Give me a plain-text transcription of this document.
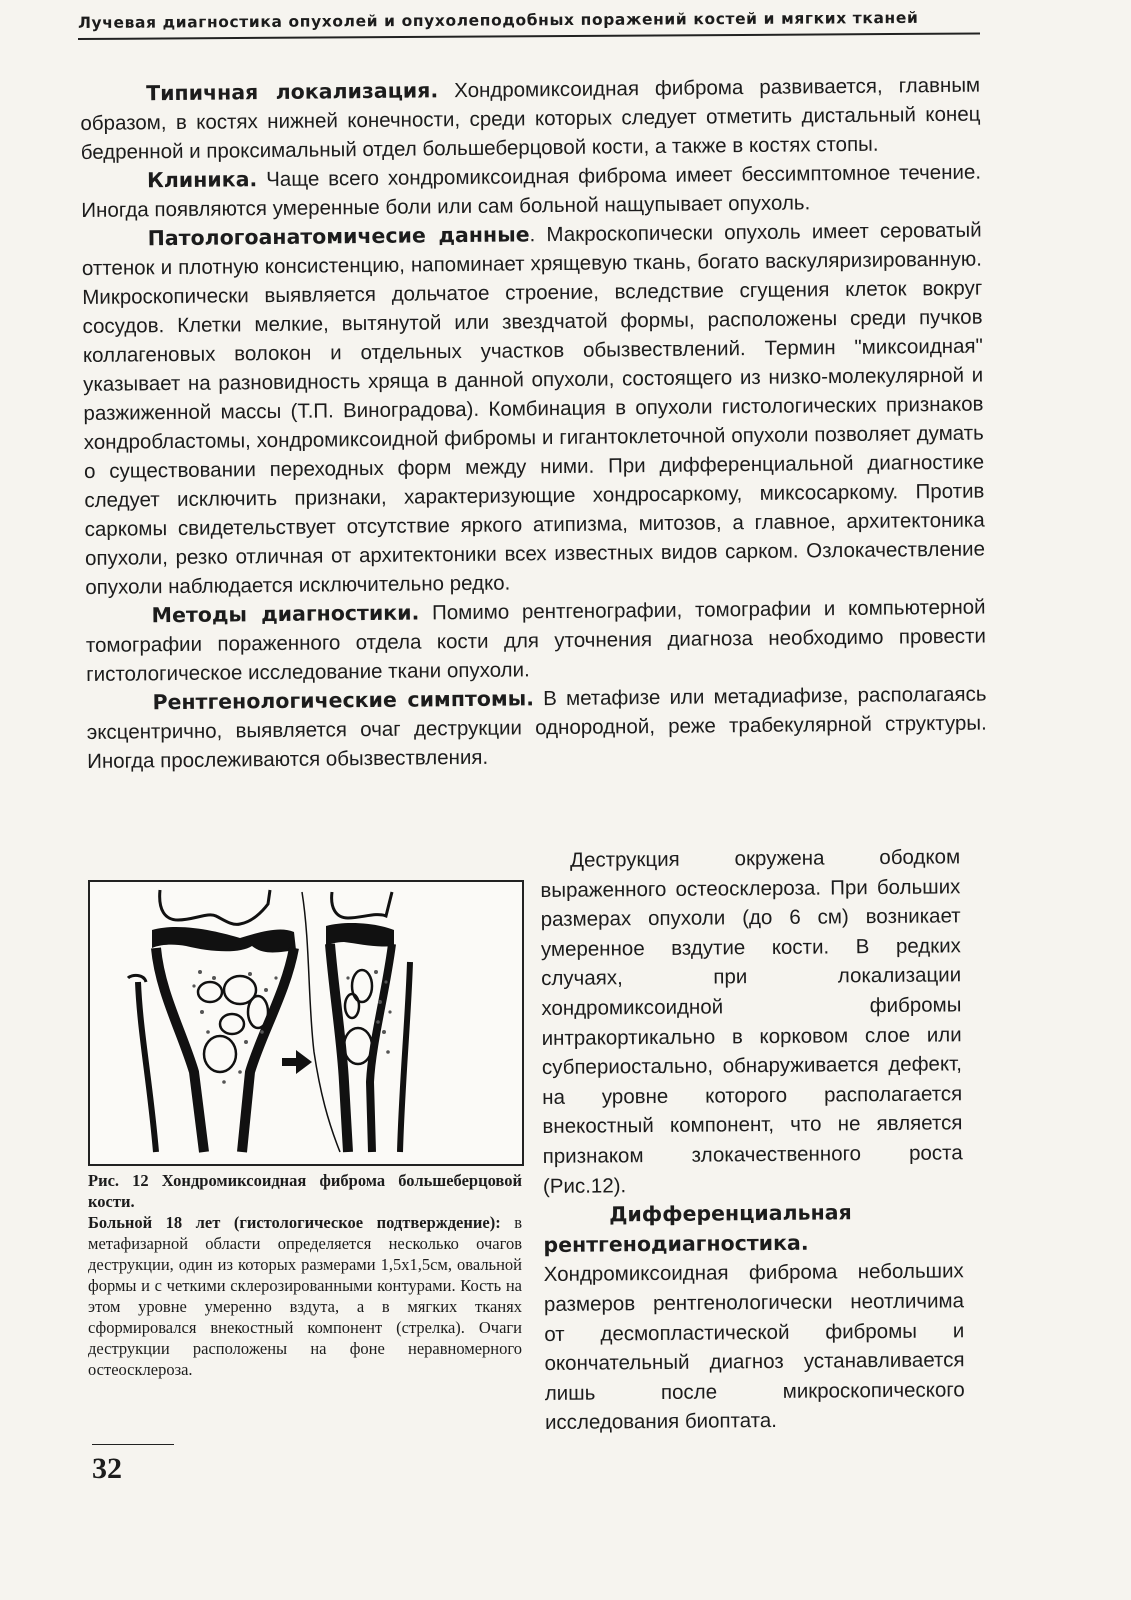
Лучевая диагностика опухолей и опухолеподобных поражений костей и мягких тканей

Типичная локализация. Хондромиксоидная фиброма развивается, главным образом, в костях нижней конечности, среди которых следует отметить дистальный конец бедренной и проксимальный отдел большеберцовой кости, а также в костях стопы.

Клиника. Чаще всего хондромиксоидная фиброма имеет бессимптомное течение. Иногда появляются умеренные боли или сам больной нащупывает опухоль.

Патологоанатомичесие данные. Макроскопически опухоль имеет сероватый оттенок и плотную консистенцию, напоминает хрящевую ткань, богато васкуляризированную. Микроскопически выявляется дольчатое строение, вследствие сгущения клеток вокруг сосудов. Клетки мелкие, вытянутой или звездчатой формы, расположены среди пучков коллагеновых волокон и отдельных участков обызвествлений. Термин "миксоидная" указывает на разновидность хряща в данной опухоли, состоящего из низко-молекулярной и разжиженной массы (Т.П. Виноградова). Комбинация в опухоли гистологических признаков хондробластомы, хондромиксоидной фибромы и гигантоклеточной опухоли позволяет думать о существовании переходных форм между ними. При дифференциальной диагностике следует исключить признаки, характеризующие хондросаркому, миксосаркому. Против саркомы свидетельствует отсутствие яркого атипизма, митозов, а главное, архитектоника опухоли, резко отличная от архитектоники всех известных видов сарком. Озлокачествление опухоли наблюдается исключительно редко.

Методы диагностики. Помимо рентгенографии, томографии и компьютерной томографии пораженного отдела кости для уточнения диагноза необходимо провести гистологическое исследование ткани опухоли.

Рентгенологические симптомы. В метафизе или метадиафизе, располагаясь эксцентрично, выявляется очаг деструкции однородной, реже трабекулярной структуры. Иногда прослеживаются обызвествления.

Рис. 12 Хондромиксоидная фиброма большеберцовой кости.
Больной 18 лет (гистологическое подтверждение): в метафизарной области определяется несколько очагов деструкции, один из которых размерами 1,5х1,5см, овальной формы и с четкими склерозированными контурами. Кость на этом уровне умеренно вздута, а в мягких тканях сформировался внекостный компонент (стрелка). Очаги деструкции расположены на фоне неравномерного остеосклероза.

Деструкция окружена ободком выраженного остеосклероза. При больших размерах опухоли (до 6 см) возникает умеренное вздутие кости. В редких случаях, при локализации хондромиксоидной фибромы интракортикально в корковом слое или субпериостально, обнаруживается дефект, на уровне которого располагается внекостный компонент, что не является признаком злокачественного роста (Рис.12).

Дифференциальная рентгенодиагностика. Хондромиксоидная фиброма небольших размеров рентгенологически неотличима от десмопластической фибромы и окончательный диагноз устанавливается лишь после микроскопического исследования биоптата.

32
